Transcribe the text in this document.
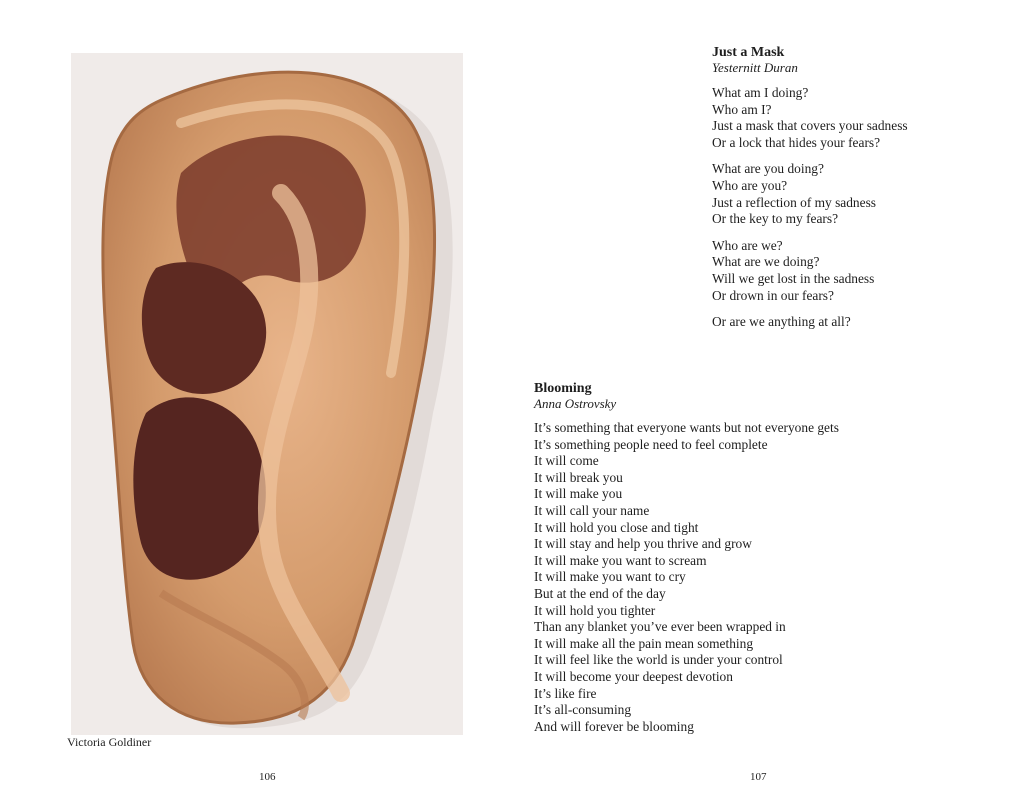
Victoria Goldiner
106
Just a Mask
Yesternitt Duran
What am I doing?
Who am I?
Just a mask that covers your sadness
Or a lock that hides your fears?
What are you doing?
Who are you?
Just a reflection of my sadness
Or the key to my fears?
Who are we?
What are we doing?
Will we get lost in the sadness
Or drown in our fears?
Or are we anything at all?
Blooming
Anna Ostrovsky
It’s something that everyone wants but not everyone gets
It’s something people need to feel complete
It will come
It will break you
It will make you
It will call your name
It will hold you close and tight
It will stay and help you thrive and grow
It will make you want to scream
It will make you want to cry
But at the end of the day
It will hold you tighter
Than any blanket you’ve ever been wrapped in
It will make all the pain mean something
It will feel like the world is under your control
It will become your deepest devotion
It’s like fire
It’s all-consuming
And will forever be blooming
107
